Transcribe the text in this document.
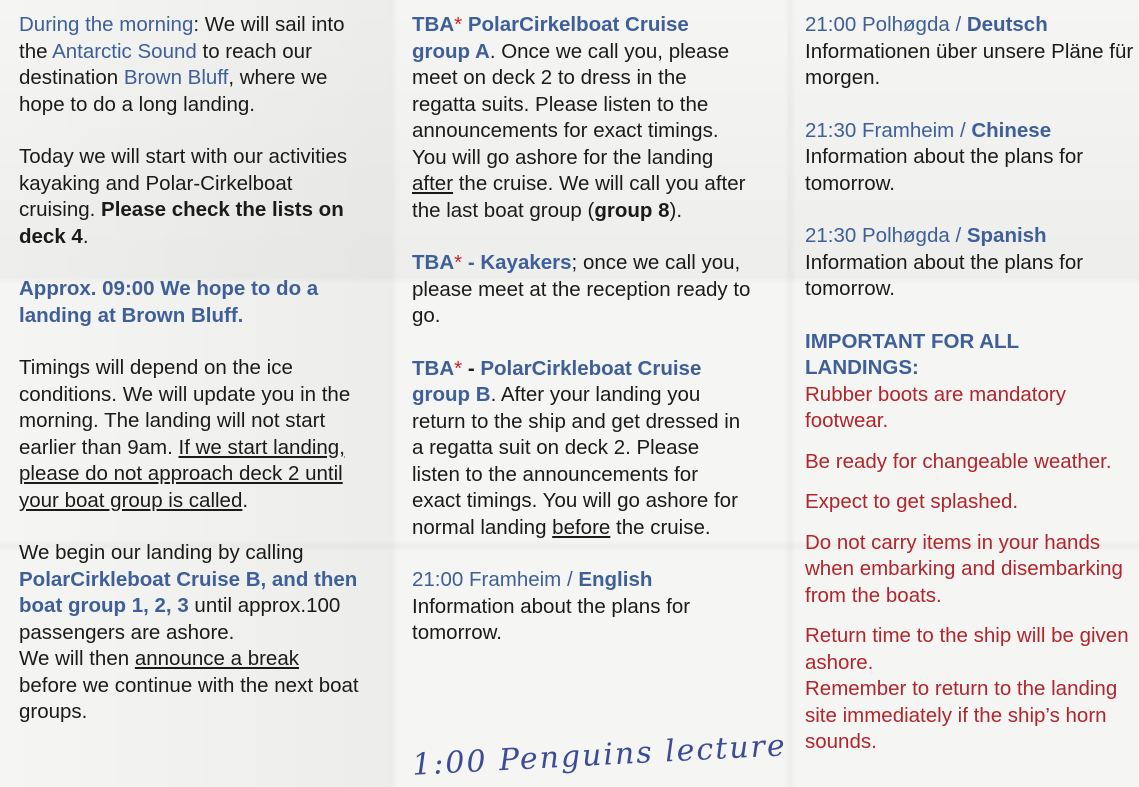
During the morning: We will sail into the Antarctic Sound to reach our destination Brown Bluff, where we hope to do a long landing.

Today we will start with our activities kayaking and Polar-Cirkelboat cruising. Please check the lists on deck 4.

Approx. 09:00 We hope to do a landing at Brown Bluff.

Timings will depend on the ice conditions. We will update you in the morning. The landing will not start earlier than 9am. If we start landing, please do not approach deck 2 until your boat group is called.

We begin our landing by calling PolarCirkleboat Cruise B, and then boat group 1, 2, 3 until approx.100 passengers are ashore.
We will then announce a break before we continue with the next boat groups.

TBA* PolarCirkelboat Cruise group A. Once we call you, please meet on deck 2 to dress in the regatta suits. Please listen to the announcements for exact timings. You will go ashore for the landing after the cruise. We will call you after the last boat group (group 8).

TBA* - Kayakers; once we call you, please meet at the reception ready to go.

TBA* - PolarCirkleboat Cruise group B. After your landing you return to the ship and get dressed in a regatta suit on deck 2. Please listen to the announcements for exact timings. You will go ashore for normal landing before the cruise.

21:00 Framheim / English
Information about the plans for tomorrow.

1:00 Penguins lecture

21:00 Polhøgda / Deutsch
Informationen über unsere Pläne für morgen.

21:30 Framheim / Chinese
Information about the plans for tomorrow.

21:30 Polhøgda / Spanish
Information about the plans for tomorrow.

IMPORTANT FOR ALL LANDINGS:

Rubber boots are mandatory footwear.

Be ready for changeable weather.

Expect to get splashed.

Do not carry items in your hands when embarking and disembarking from the boats.

Return time to the ship will be given ashore.

Remember to return to the landing site immediately if the ship’s horn sounds.
